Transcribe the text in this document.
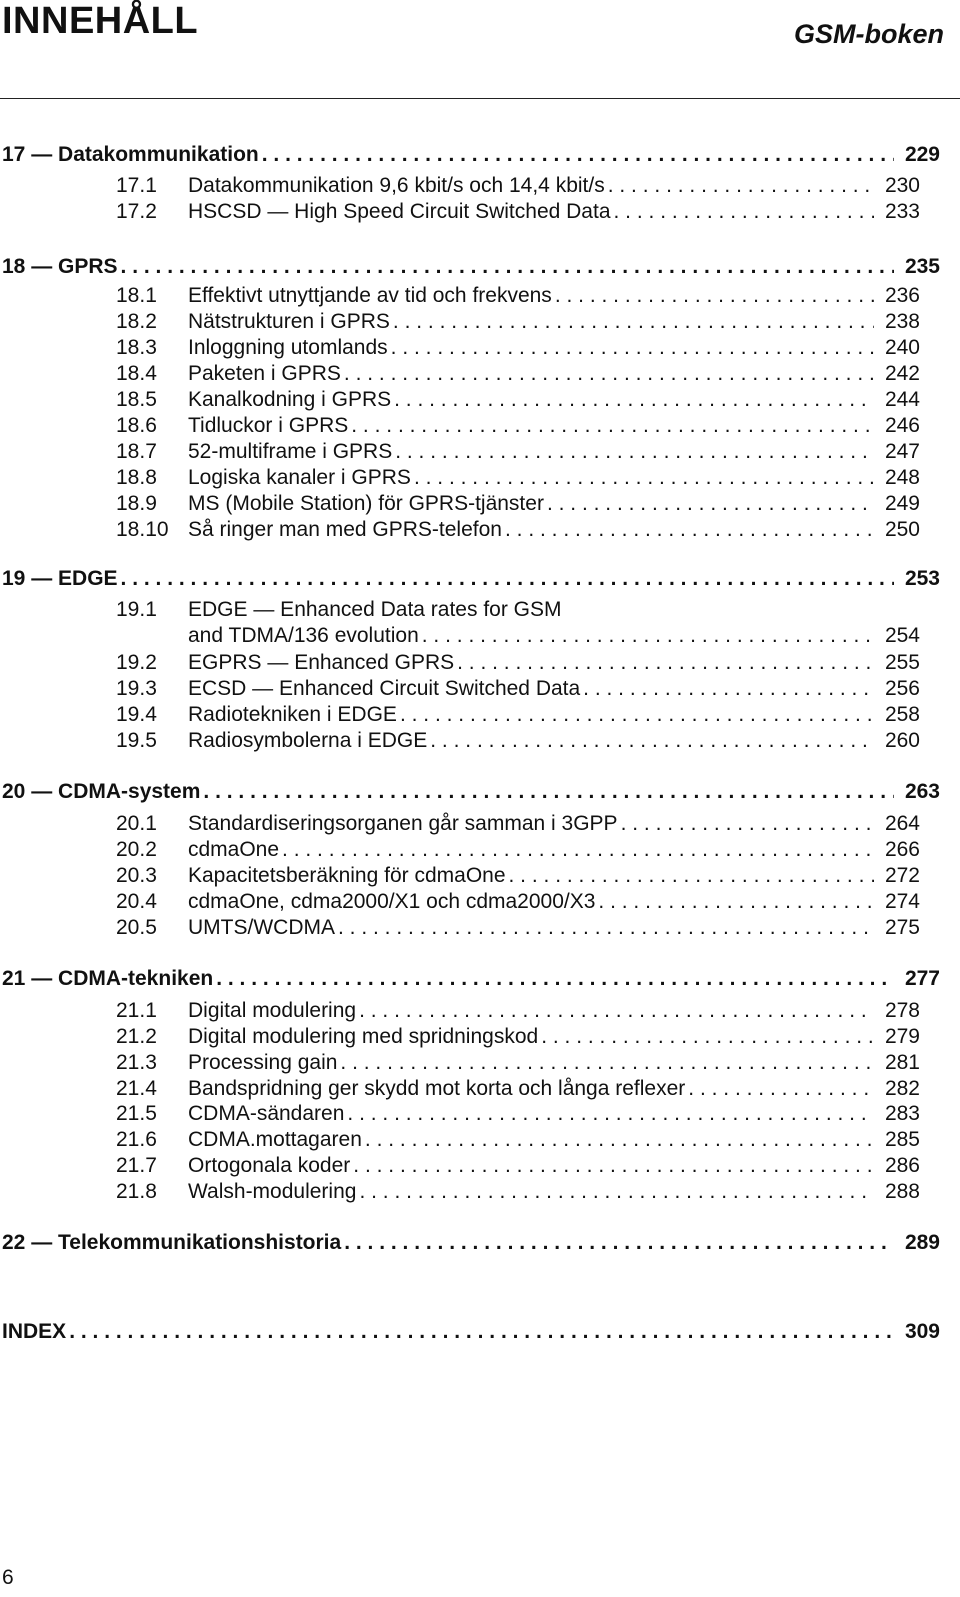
INNEHÅLL	GSM-boken
17 — Datakommunikation . . .	229
17.1	Datakommunikation 9,6 kbit/s och 14,4 kbit/s . . .	230
17.2	HSCSD — High Speed Circuit Switched Data . . .	233
18 — GPRS . . .	235
18.1	Effektivt utnyttjande av tid och frekvens . . .	236
18.2	Nätstrukturen i GPRS . . .	238
18.3	Inloggning utomlands . . .	240
18.4	Paketen i GPRS . . .	242
18.5	Kanalkodning i GPRS . . .	244
18.6	Tidluckor i GPRS . . .	246
18.7	52-multiframe i GPRS . . .	247
18.8	Logiska kanaler i GPRS . . .	248
18.9	MS (Mobile Station) för GPRS-tjänster . . .	249
18.10 Så ringer man med GPRS-telefon . . .	250
19 — EDGE . . .	253
19.1	EDGE — Enhanced Data rates for GSM
and TDMA/136 evolution . . .	254
19.2	EGPRS — Enhanced GPRS . . .	255
19.3	ECSD — Enhanced Circuit Switched Data . . .	256
19.4	Radiotekniken i EDGE . . .	258
19.5	Radiosymbolerna i EDGE . . .	260
20 — CDMA-system . . .	263
20.1	Standardiseringsorganen går samman i 3GPP . . .	264
20.2	cdmaOne . . .	266
20.3	Kapacitetsberäkning för cdmaOne . . .	272
20.4	cdmaOne, cdma2000/X1 och cdma2000/X3 . . .	274
20.5	UMTS/WCDMA . . .	275
21 — CDMA-tekniken . . .	277
21.1	Digital modulering . . .	278
21.2	Digital modulering med spridningskod . . .	279
21.3	Processing gain . . .	281
21.4	Bandspridning ger skydd mot korta och långa reflexer . . .	282
21.5	CDMA-sändaren . . .	283
21.6	CDMA.mottagaren . . .	285
21.7	Ortogonala koder . . .	286
21.8	Walsh-modulering . . .	288
22 — Telekommunikationshistoria . . .	289
INDEX . . .	309
6
